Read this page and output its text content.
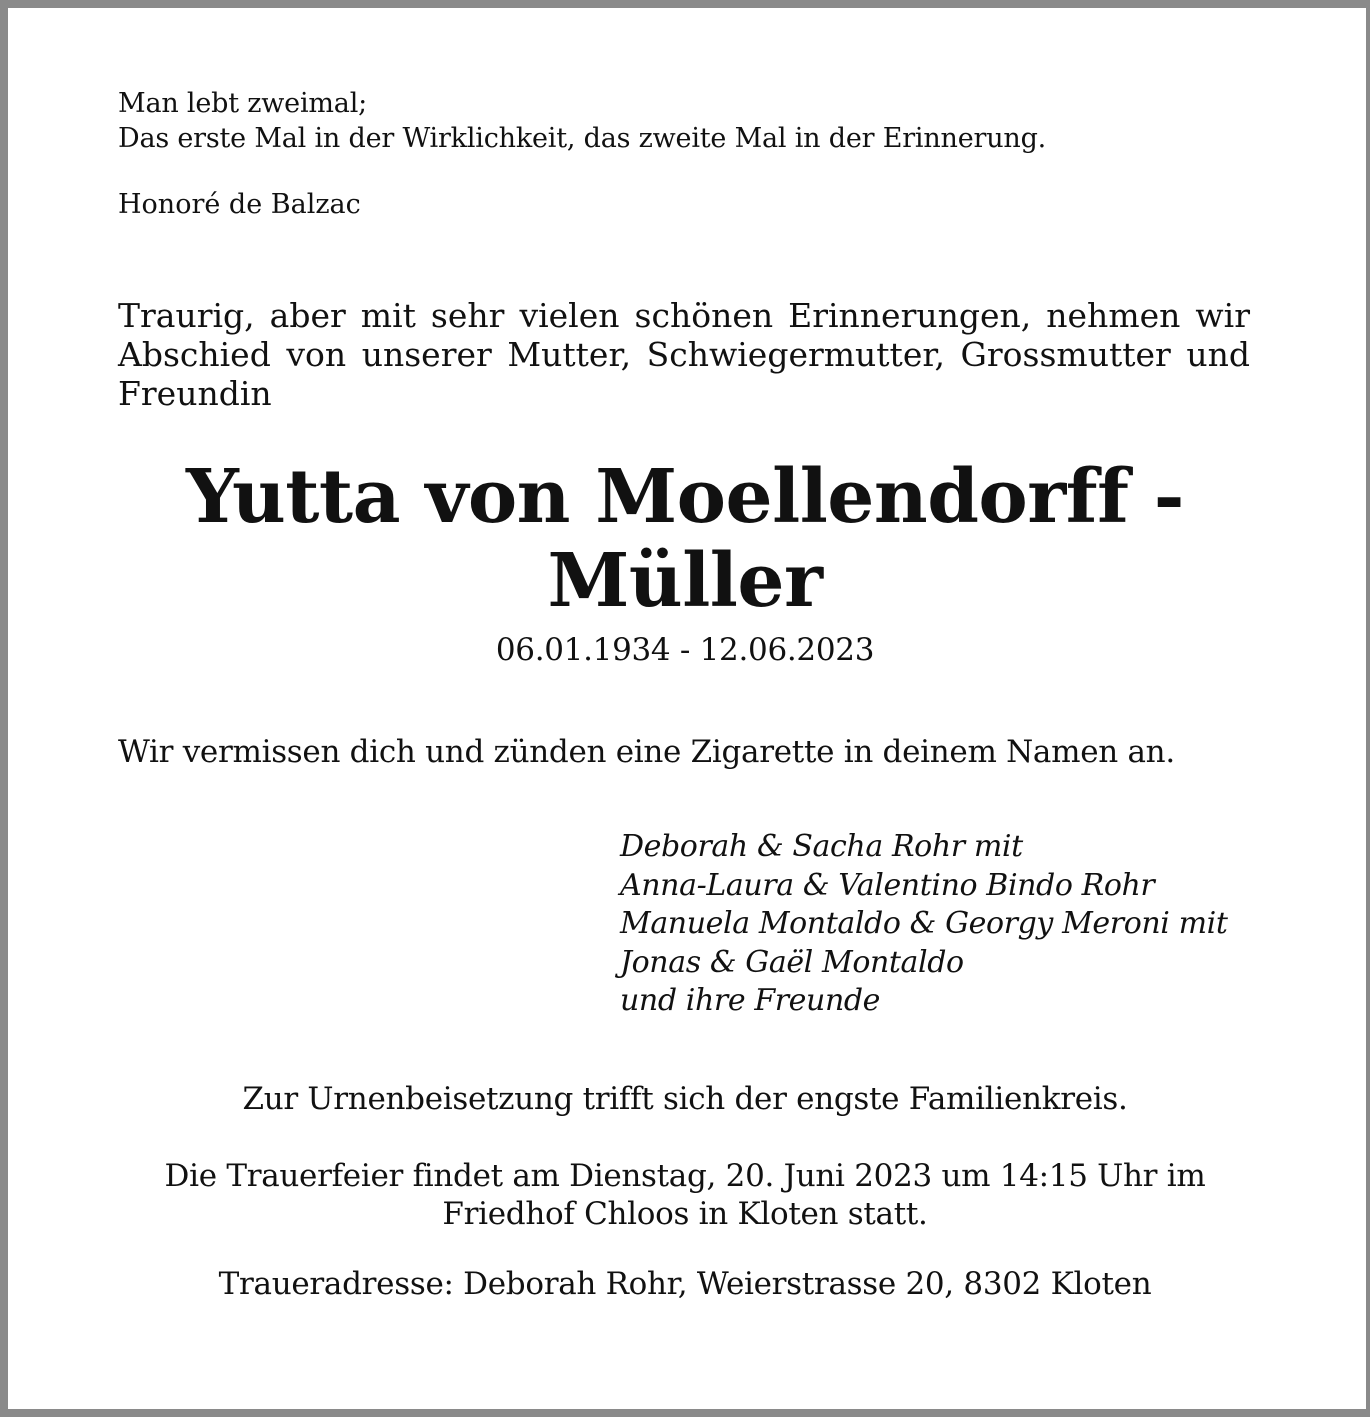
Man lebt zweimal;
Das erste Mal in der Wirklichkeit, das zweite Mal in der Erinnerung.

Honoré de Balzac

Traurig, aber mit sehr vielen schönen Erinnerungen, nehmen wir Abschied von unserer Mutter, Schwiegermutter, Grossmutter und Freundin

Yutta von Moellendorff -
Müller

06.01.1934 - 12.06.2023

Wir vermissen dich und zünden eine Zigarette in deinem Namen an.

Deborah & Sacha Rohr mit
Anna-Laura & Valentino Bindo Rohr
Manuela Montaldo & Georgy Meroni mit
Jonas & Gaël Montaldo
und ihre Freunde

Zur Urnenbeisetzung trifft sich der engste Familienkreis.

Die Trauerfeier findet am Dienstag, 20. Juni 2023 um 14:15 Uhr im
Friedhof Chloos in Kloten statt.

Traueradresse: Deborah Rohr, Weierstrasse 20, 8302 Kloten
